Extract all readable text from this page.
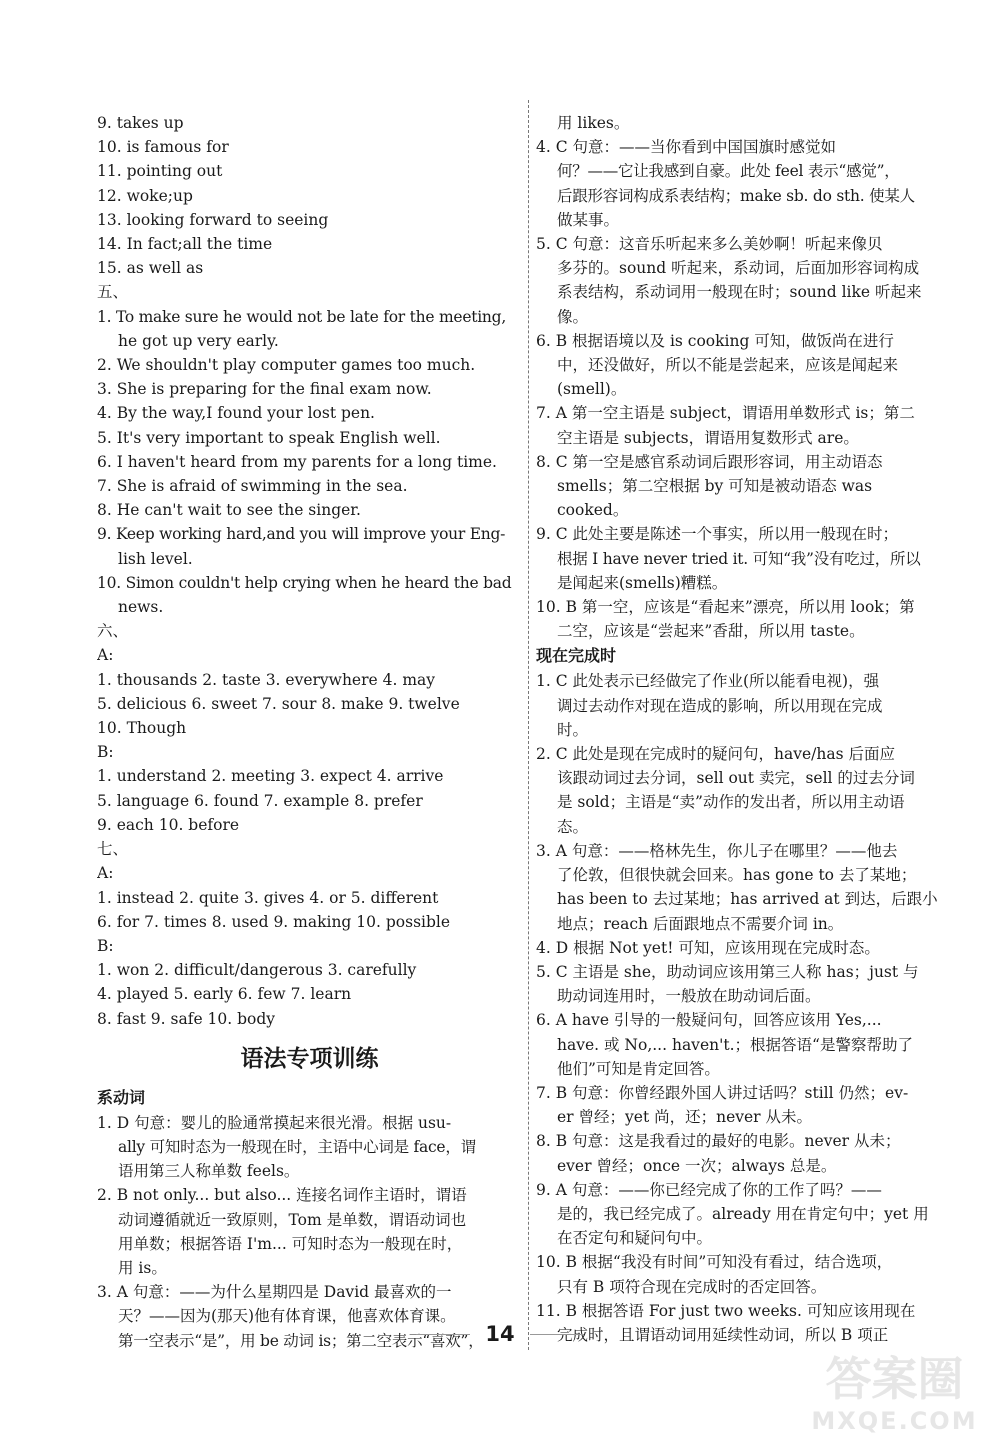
9. takes up
10. is famous for
11. pointing out
12. woke;up
13. looking forward to seeing
14. In fact;all the time
15. as well as
五、
1. To make sure he would not be late for the meeting,
he got up very early.
2. We shouldn't play computer games too much.
3. She is preparing for the final exam now.
4. By the way,I found your lost pen.
5. It's very important to speak English well.
6. I haven't heard from my parents for a long time.
7. She is afraid of swimming in the sea.
8. He can't wait to see the singer.
9. Keep working hard,and you will improve your Eng-
lish level.
10. Simon couldn't help crying when he heard the bad
news.
六、
A:
1. thousands 2. taste 3. everywhere 4. may
5. delicious 6. sweet 7. sour 8. make 9. twelve
10. Though
B:
1. understand 2. meeting 3. expect 4. arrive
5. language 6. found 7. example 8. prefer
9. each 10. before
七、
A:
1. instead 2. quite 3. gives 4. or 5. different
6. for 7. times 8. used 9. making 10. possible
B:
1. won 2. difficult/dangerous 3. carefully
4. played 5. early 6. few 7. learn
8. fast 9. safe 10. body
语法专项训练
系动词
1. D 句意：婴儿的脸通常摸起来很光滑。根据 usu-
ally 可知时态为一般现在时，主语中心词是 face，谓
语用第三人称单数 feels。
2. B not only... but also... 连接名词作主语时，谓语
动词遵循就近一致原则，Tom 是单数，谓语动词也
用单数；根据答语 I'm... 可知时态为一般现在时，
用 is。
3. A 句意：——为什么星期四是 David 最喜欢的一
天？——因为(那天)他有体育课，他喜欢体育课。
第一空表示“是”，用 be 动词 is；第二空表示“喜欢”，
用 likes。
4. C 句意：——当你看到中国国旗时感觉如
何？——它让我感到自豪。此处 feel 表示“感觉”，
后跟形容词构成系表结构；make sb. do sth. 使某人
做某事。
5. C 句意：这音乐听起来多么美妙啊！听起来像贝
多芬的。sound 听起来，系动词，后面加形容词构成
系表结构，系动词用一般现在时；sound like 听起来
像。
6. B 根据语境以及 is cooking 可知，做饭尚在进行
中，还没做好，所以不能是尝起来，应该是闻起来
(smell)。
7. A 第一空主语是 subject，谓语用单数形式 is；第二
空主语是 subjects，谓语用复数形式 are。
8. C 第一空是感官系动词后跟形容词，用主动语态
smells；第二空根据 by 可知是被动语态 was
cooked。
9. C 此处主要是陈述一个事实，所以用一般现在时；
根据 I have never tried it. 可知“我”没有吃过，所以
是闻起来(smells)糟糕。
10. B 第一空，应该是“看起来”漂亮，所以用 look；第
二空，应该是“尝起来”香甜，所以用 taste。
现在完成时
1. C 此处表示已经做完了作业(所以能看电视)，强
调过去动作对现在造成的影响，所以用现在完成
时。
2. C 此处是现在完成时的疑问句，have/has 后面应
该跟动词过去分词，sell out 卖完，sell 的过去分词
是 sold；主语是“卖”动作的发出者，所以用主动语
态。
3. A 句意：——格林先生，你儿子在哪里？——他去
了伦敦，但很快就会回来。has gone to 去了某地；
has been to 去过某地；has arrived at 到达，后跟小
地点；reach 后面跟地点不需要介词 in。
4. D 根据 Not yet! 可知，应该用现在完成时态。
5. C 主语是 she，助动词应该用第三人称 has；just 与
助动词连用时，一般放在助动词后面。
6. A have 引导的一般疑问句，回答应该用 Yes,...
have. 或 No,... haven't.；根据答语“是警察帮助了
他们”可知是肯定回答。
7. B 句意：你曾经跟外国人讲过话吗？still 仍然；ev-
er 曾经；yet 尚，还；never 从未。
8. B 句意：这是我看过的最好的电影。never 从未；
ever 曾经；once 一次；always 总是。
9. A 句意：——你已经完成了你的工作了吗？——
是的，我已经完成了。already 用在肯定句中；yet 用
在否定句和疑问句中。
10. B 根据“我没有时间”可知没有看过，结合选项，
只有 B 项符合现在完成时的否定回答。
11. B 根据答语 For just two weeks. 可知应该用现在
完成时，且谓语动词用延续性动词，所以 B 项正
14
答案圈
MXQE.COM
